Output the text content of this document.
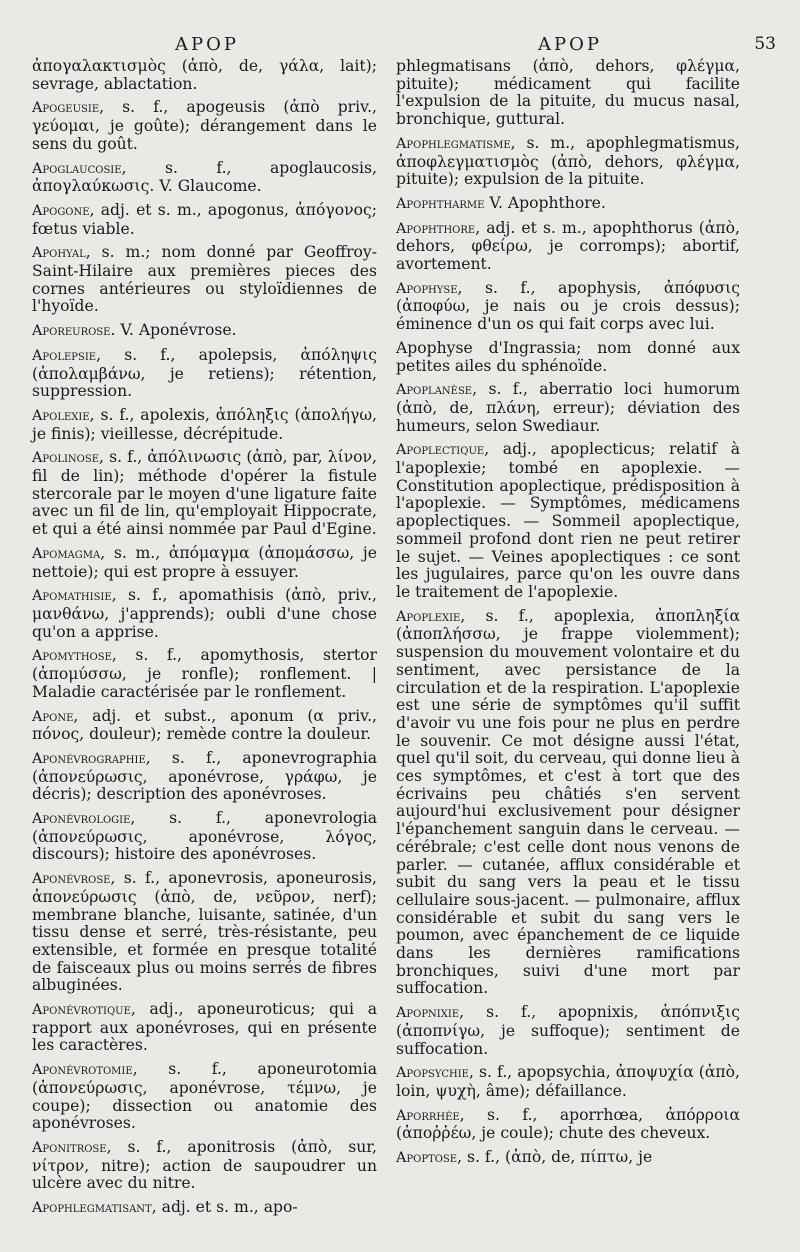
APOP	APOP	53

ἀπογαλακτισμὸς (ἀπὸ, de, γάλα, lait); sevrage, ablactation.

Apogeusie, s. f., apogeusis (ἀπὸ priv., γεύομαι, je goûte); dérangement dans le sens du goût.

Apoglaucosie, s. f., apoglaucosis, ἀπογλαύκωσις. V. Glaucome.

Apogone, adj. et s. m., apogonus, ἀπόγονος; fœtus viable.

Apohyal, s. m.; nom donné par Geoffroy-Saint-Hilaire aux premières pieces des cornes antérieures ou styloïdiennes de l'hyoïde.

Aporeurose. V. Aponévrose.

Apolepsie, s. f., apolepsis, ἀπόληψις (ἀπολαμβάνω, je retiens); rétention, suppression.

Apolexie, s. f., apolexis, ἀπόληξις (ἀπολήγω, je finis); vieillesse, décrépitude.

Apolinose, s. f., ἀπόλινωσις (ἀπὸ, par, λίνον, fil de lin); méthode d'opérer la fistule stercorale par le moyen d'une ligature faite avec un fil de lin, qu'employait Hippocrate, et qui a été ainsi nommée par Paul d'Egine.

Apomagma, s. m., ἀπόμαγμα (ἀπομάσσω, je nettoie); qui est propre à essuyer.

Apomathisie, s. f., apomathisis (ἀπὸ, priv., μανθάνω, j'apprends); oubli d'une chose qu'on a apprise.

Apomythose, s. f., apomythosis, stertor (ἀπομύσσω, je ronfle); ronflement. | Maladie caractérisée par le ronflement.

Apone, adj. et subst., aponum (α priv., πόνος, douleur); remède contre la douleur.

Aponévrographie, s. f., aponevrographia (ἀπονεύρωσις, aponévrose, γράφω, je décris); description des aponévroses.

Aponévrologie, s. f., aponevrologia (ἀπονεύρωσις, aponévrose, λόγος, discours); histoire des aponévroses.

Aponévrose, s. f., aponevrosis, aponeurosis, ἀπονεύρωσις (ἀπὸ, de, νεῦρον, nerf); membrane blanche, luisante, satinée, d'un tissu dense et serré, très-résistante, peu extensible, et formée en presque totalité de faisceaux plus ou moins serrés de fibres albuginées.

Aponévrotique, adj., aponeuroticus; qui a rapport aux aponévroses, qui en présente les caractères.

Aponévrotomie, s. f., aponeurotomia (ἀπονεύρωσις, aponévrose, τέμνω, je coupe); dissection ou anatomie des aponévroses.

Aponitrose, s. f., aponitrosis (ἀπὸ, sur, νίτρον, nitre); action de saupoudrer un ulcère avec du nitre.

Apophlegmatisant, adj. et s. m., apo-

phlegmatisans (ἀπὸ, dehors, φλέγμα, pituite); médicament qui facilite l'expulsion de la pituite, du mucus nasal, bronchique, guttural.

Apophlegmatisme, s. m., apophlegmatismus, ἀποφλεγματισμὸς (ἀπὸ, dehors, φλέγμα, pituite); expulsion de la pituite.

Apophtharme V. Apophthore.

Apophthore, adj. et s. m., apophthorus (ἀπὸ, dehors, φθείρω, je corromps); abortif, avortement.

Apophyse, s. f., apophysis, ἀπόφυσις (ἀποφύω, je nais ou je crois dessus); éminence d'un os qui fait corps avec lui.

Apophyse d'Ingrassia; nom donné aux petites ailes du sphénoïde.

Apoplanèse, s. f., aberratio loci humorum (ἀπὸ, de, πλάνη, erreur); déviation des humeurs, selon Swediaur.

Apoplectique, adj., apoplecticus; relatif à l'apoplexie; tombé en apoplexie. — Constitution apoplectique, prédisposition à l'apoplexie. — Symptômes, médicamens apoplectiques. — Sommeil apoplectique, sommeil profond dont rien ne peut retirer le sujet. — Veines apoplectiques : ce sont les jugulaires, parce qu'on les ouvre dans le traitement de l'apoplexie.

Apoplexie, s. f., apoplexia, ἀποπληξία (ἀποπλήσσω, je frappe violemment); suspension du mouvement volontaire et du sentiment, avec persistance de la circulation et de la respiration. L'apoplexie est une série de symptômes qu'il suffit d'avoir vu une fois pour ne plus en perdre le souvenir. Ce mot désigne aussi l'état, quel qu'il soit, du cerveau, qui donne lieu à ces symptômes, et c'est à tort que des écrivains peu châtiés s'en servent aujourd'hui exclusivement pour désigner l'épanchement sanguin dans le cerveau. — cérébrale; c'est celle dont nous venons de parler. — cutanée, afflux considérable et subit du sang vers la peau et le tissu cellulaire sous-jacent. — pulmonaire, afflux considérable et subit du sang vers le poumon, avec épanchement de ce liquide dans les dernières ramifications bronchiques, suivi d'une mort par suffocation.

Apopnixie, s. f., apopnixis, ἀπόπνιξις (ἀποπνίγω, je suffoque); sentiment de suffocation.

Apopsychie, s. f., apopsychia, ἀποψυχία (ἀπὸ, loin, ψυχὴ, âme); défaillance.

Aporrhée, s. f., aporrhœa, ἀπόρροια (ἀποῤῥέω, je coule); chute des cheveux.

Apoptose, s. f., (ἀπὸ, de, πίπτω, je
